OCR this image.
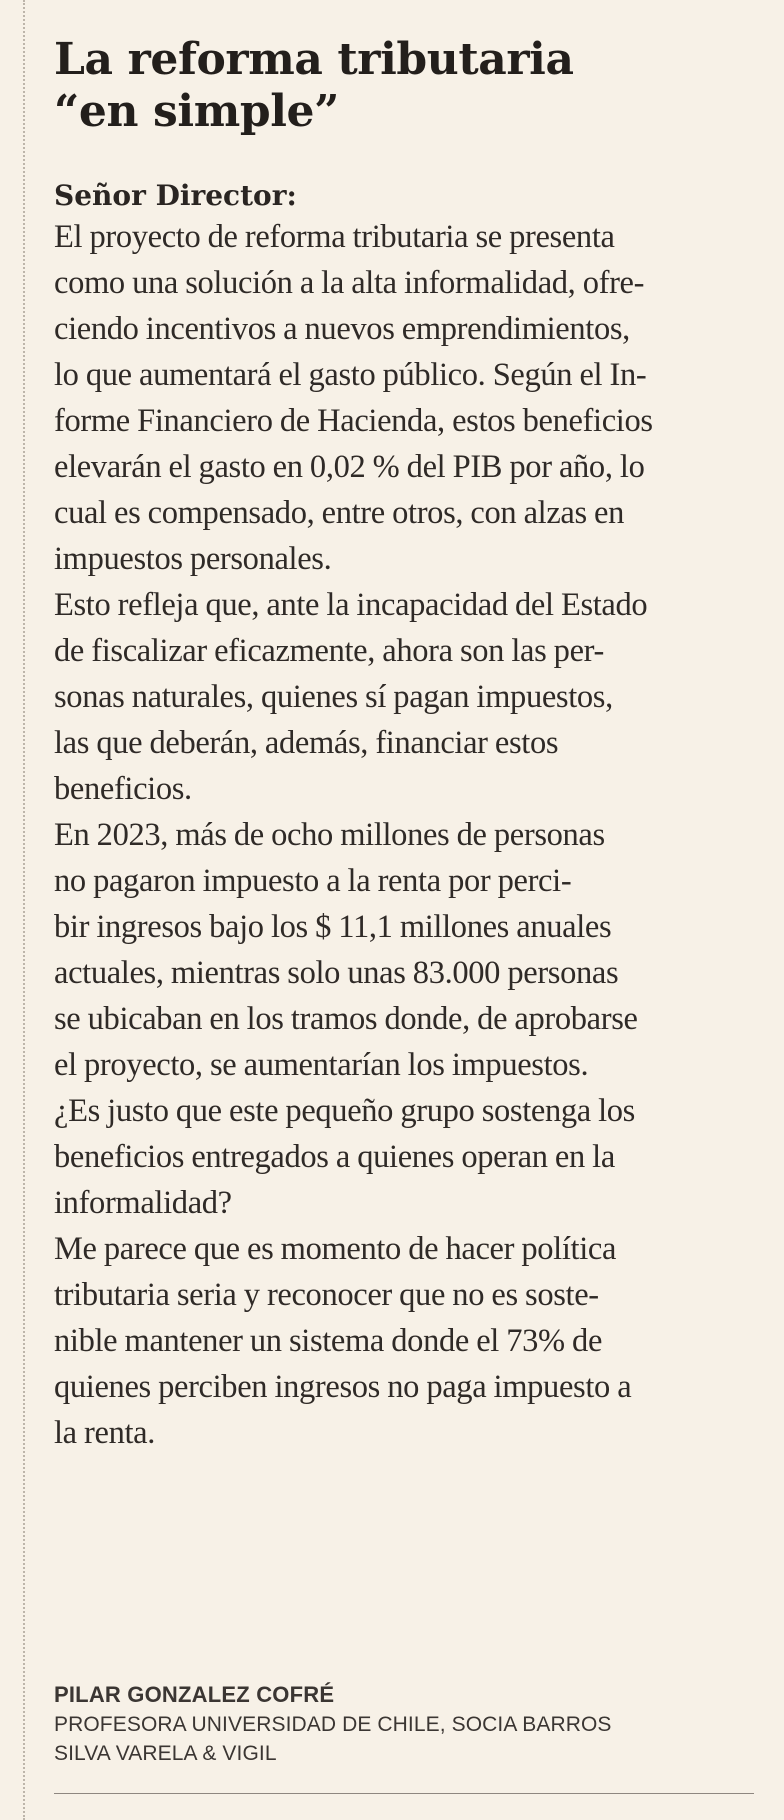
La reforma tributaria
“en simple”

Señor Director:

El proyecto de reforma tributaria se presenta
como una solución a la alta informalidad, ofre-
ciendo incentivos a nuevos emprendimientos,
lo que aumentará el gasto público. Según el In-
forme Financiero de Hacienda, estos beneficios
elevarán el gasto en 0,02 % del PIB por año, lo
cual es compensado, entre otros, con alzas en
impuestos personales.

Esto refleja que, ante la incapacidad del Estado
de fiscalizar eficazmente, ahora son las per-
sonas naturales, quienes sí pagan impuestos,
las que deberán, además, financiar estos
beneficios.

En 2023, más de ocho millones de personas
no pagaron impuesto a la renta por perci-
bir ingresos bajo los $ 11,1 millones anuales
actuales, mientras solo unas 83.000 personas
se ubicaban en los tramos donde, de aprobarse
el proyecto, se aumentarían los impuestos.

¿Es justo que este pequeño grupo sostenga los
beneficios entregados a quienes operan en la
informalidad?

Me parece que es momento de hacer política
tributaria seria y reconocer que no es soste-
nible mantener un sistema donde el 73% de
quienes perciben ingresos no paga impuesto a
la renta.

PILAR GONZALEZ COFRÉ

PROFESORA UNIVERSIDAD DE CHILE, SOCIA BARROS
SILVA VARELA & VIGIL
